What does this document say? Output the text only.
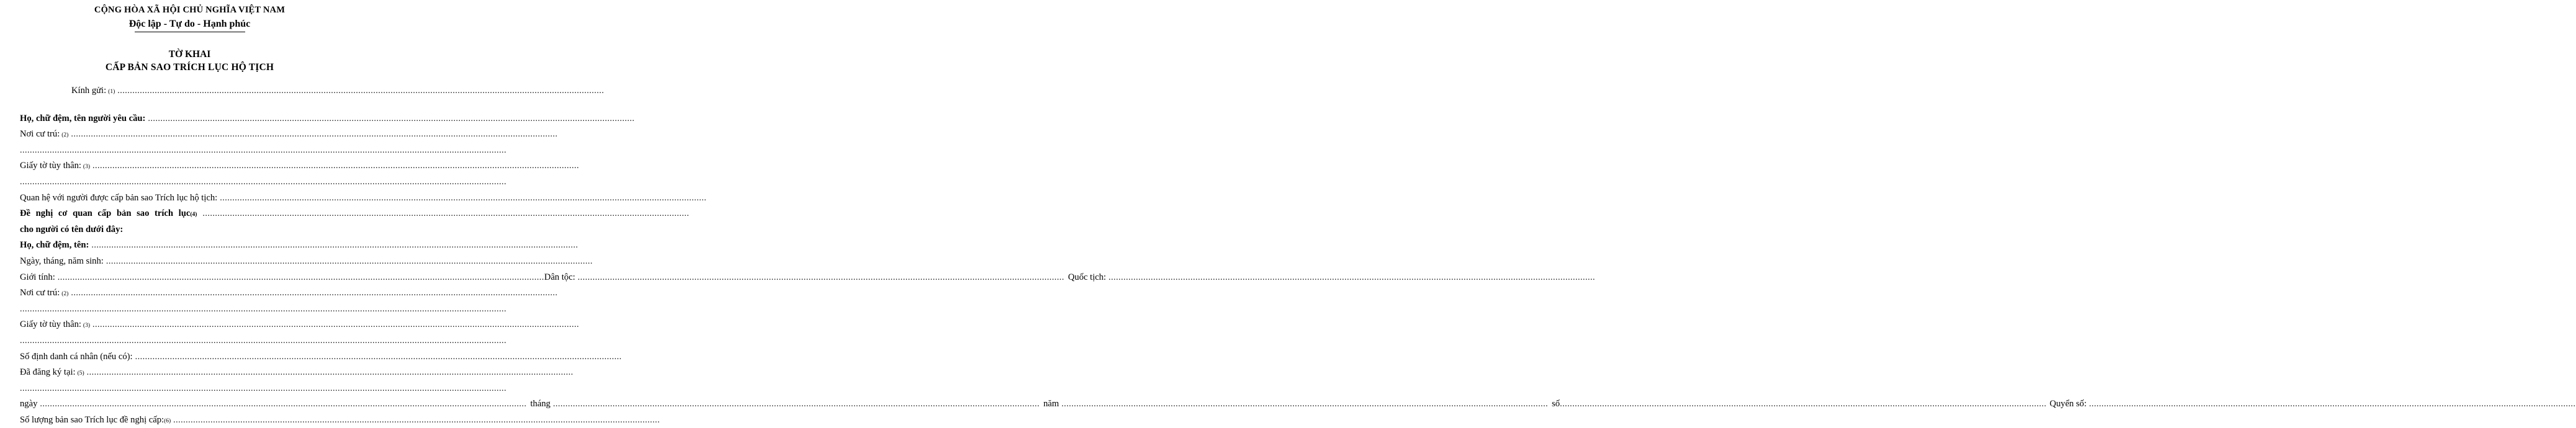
CỘNG HÒA XÃ HỘI CHỦ NGHĨA VIỆT NAM
Độc lập - Tự do - Hạnh phúc
TỜ KHAI
CẤP BẢN SAO TRÍCH LỤC HỘ TỊCH
Kính gửi: (1)
.....
Họ, chữ đệm, tên người yêu cầu:
.....
Nơi cư trú: (2)
.....
.....
Giấy tờ tùy thân: (3)
.....
.....
Quan hệ với người được cấp bản sao Trích lục hộ tịch:
.....
Đề nghị cơ quan cấp bản sao trích lục (4)
.....
cho người có tên dưới đây:
Họ, chữ đệm, tên:
.....
Ngày, tháng, năm sinh:
.....
Giới tính: .....	Dân tộc: .....	Quốc tịch:
.....
Nơi cư trú: (2)
.....
.....
Giấy tờ tùy thân: (3)
.....
.....
Số định danh cá nhân (nếu có):
.....
Đã đăng ký tại: (5)
.....
.....
ngày .....	tháng .....	năm .....	số .....	Quyển số:
.....
Số lượng bản sao Trích lục đề nghị cấp: (6)
.....
